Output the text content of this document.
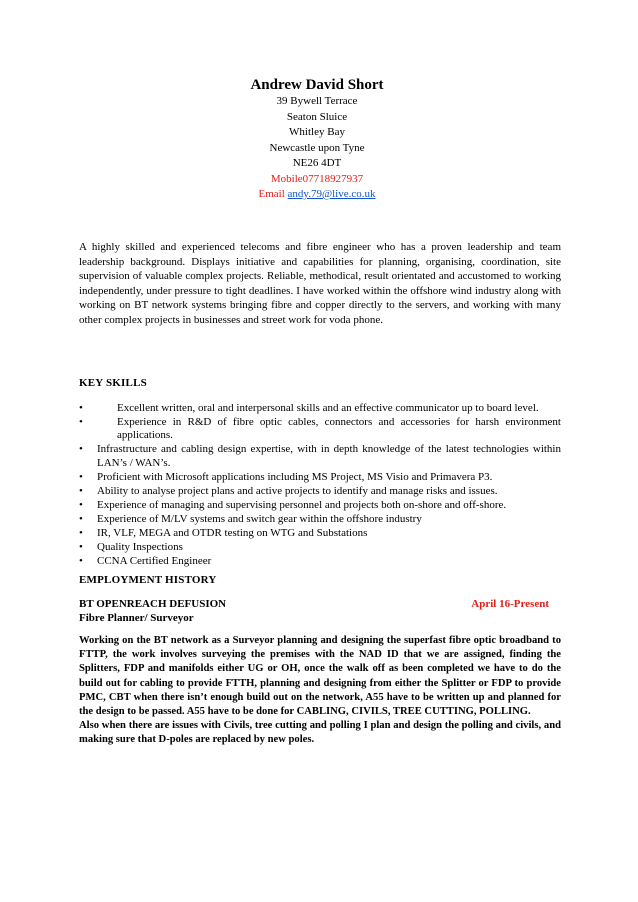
Andrew David Short
39 Bywell Terrace
Seaton Sluice
Whitley Bay
Newcastle upon Tyne
NE26 4DT
Mobile07718927937
Email andy.79@live.co.uk
A highly skilled and experienced telecoms and fibre engineer who has a proven leadership and team leadership background. Displays initiative and capabilities for planning, organising, coordination, site supervision of valuable complex projects. Reliable, methodical, result orientated and accustomed to working independently, under pressure to tight deadlines. I have worked within the offshore wind industry along with working on BT network systems bringing fibre and copper directly to the servers, and working with many other complex projects in businesses and street work for voda phone.
KEY SKILLS
•	Excellent written, oral and interpersonal skills and an effective communicator up to board level.
•	Experience in R&D of fibre optic cables, connectors and accessories for harsh environment applications.
• Infrastructure and cabling design expertise, with in depth knowledge of the latest technologies within LAN’s / WAN’s.
• Proficient with Microsoft applications including MS Project, MS Visio and Primavera P3.
• Ability to analyse project plans and active projects to identify and manage risks and issues.
• Experience of managing and supervising personnel and projects both on-shore and off-shore.
• Experience of M/LV systems and switch gear within the offshore industry
• IR, VLF, MEGA and OTDR testing on WTG and Substations
• Quality Inspections
• CCNA Certified Engineer
EMPLOYMENT HISTORY
BT OPENREACH DEFUSION	April 16-Present
Fibre Planner/ Surveyor
Working on the BT network as a Surveyor planning and designing the superfast fibre optic broadband to FTTP, the work involves surveying the premises with the NAD ID that we are assigned, finding the Splitters, FDP and manifolds either UG or OH, once the walk off as been completed we have to do the build out for cabling to provide FTTH, planning and designing from either the Splitter or FDP to provide PMC, CBT when there isn’t enough build out on the network, A55 have to be written up and planned for the design to be passed. A55 have to be done for CABLING, CIVILS, TREE CUTTING, POLLING.
Also when there are issues with Civils, tree cutting and polling I plan and design the polling and civils, and making sure that D-poles are replaced by new poles.
